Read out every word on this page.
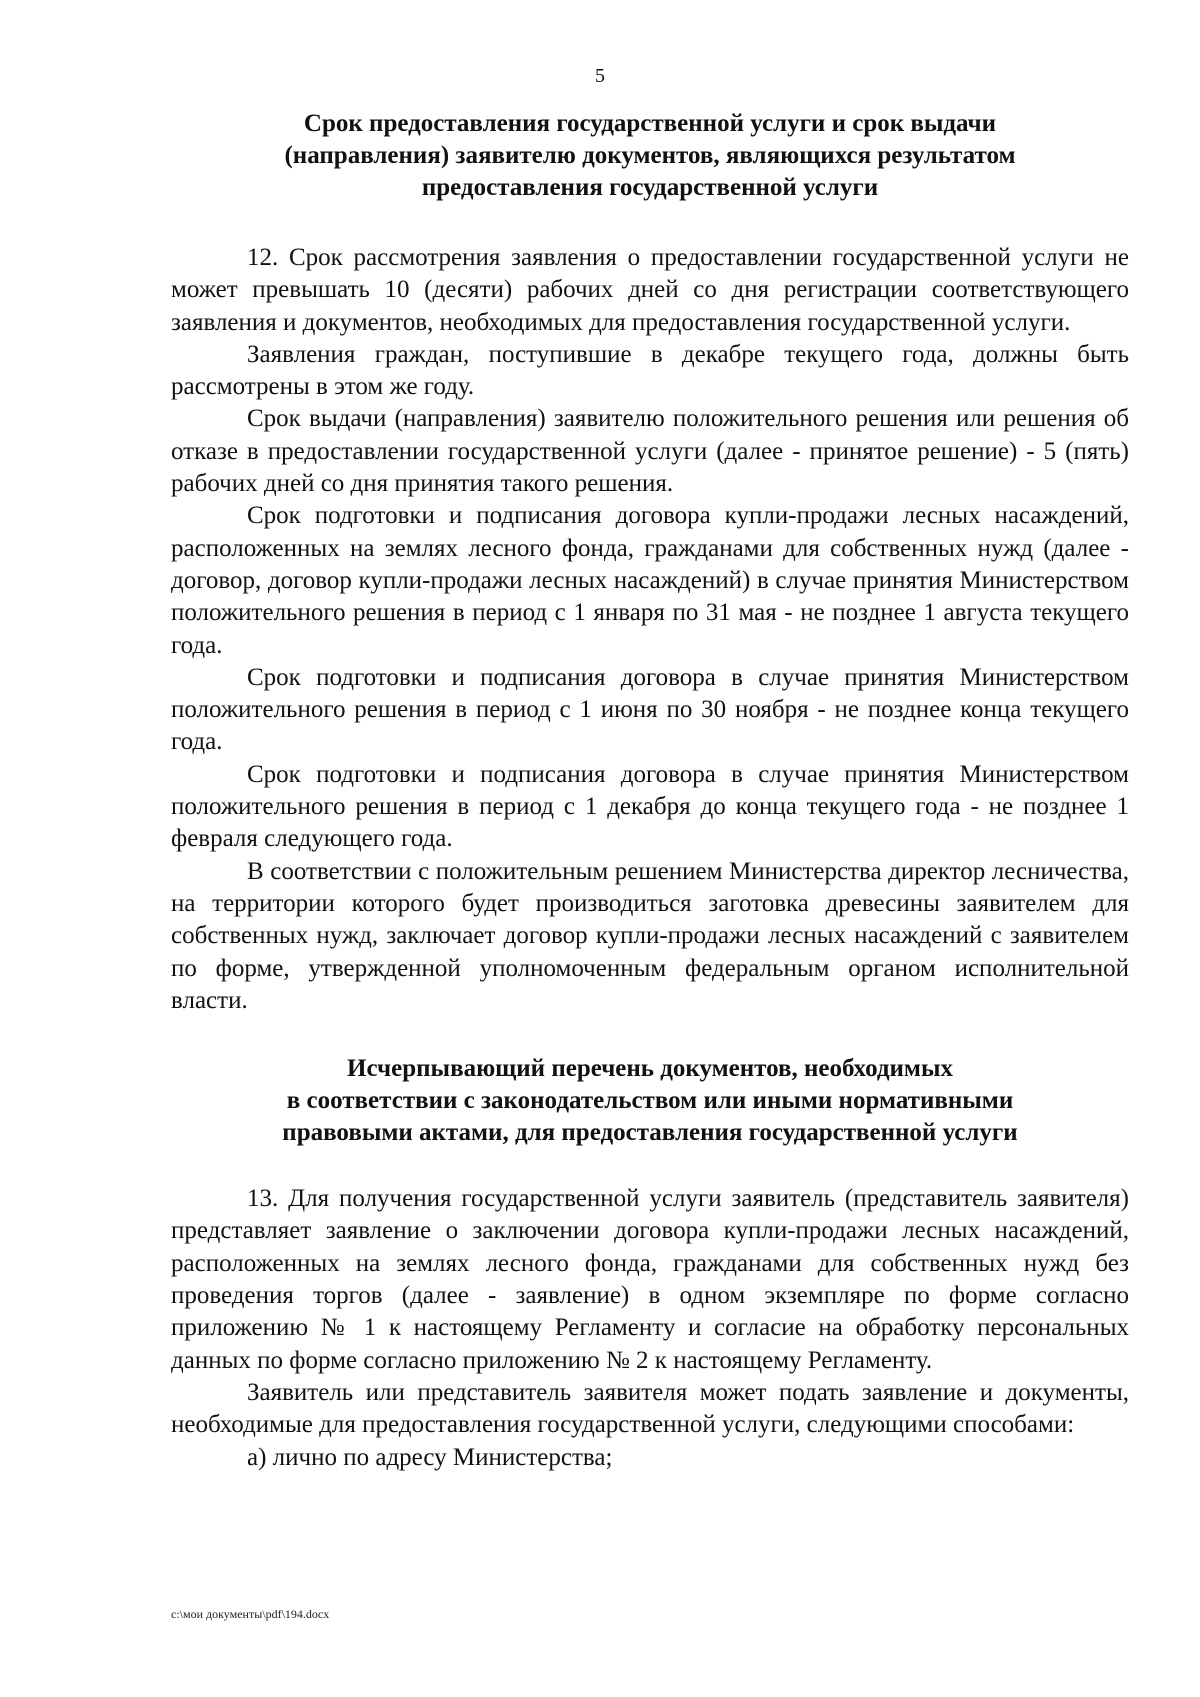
5
Срок предоставления государственной услуги и срок выдачи
(направления) заявителю документов, являющихся результатом
предоставления государственной услуги

12. Срок рассмотрения заявления о предоставлении государственной услуги не может превышать 10 (десяти) рабочих дней со дня регистрации соответствующего заявления и документов, необходимых для предоставления государственной услуги.

Заявления граждан, поступившие в декабре текущего года, должны быть рассмотрены в этом же году.

Срок выдачи (направления) заявителю положительного решения или решения об отказе в предоставлении государственной услуги (далее - принятое решение) - 5 (пять) рабочих дней со дня принятия такого решения.

Срок подготовки и подписания договора купли-продажи лесных насаждений, расположенных на землях лесного фонда, гражданами для собственных нужд (далее - договор, договор купли-продажи лесных насаждений) в случае принятия Министерством положительного решения в период с 1 января по 31 мая - не позднее 1 августа текущего года.

Срок подготовки и подписания договора в случае принятия Министерством положительного решения в период с 1 июня по 30 ноября - не позднее конца текущего года.

Срок подготовки и подписания договора в случае принятия Министерством положительного решения в период с 1 декабря до конца текущего года - не позднее 1 февраля следующего года.

В соответствии с положительным решением Министерства директор лесничества, на территории которого будет производиться заготовка древесины заявителем для собственных нужд, заключает договор купли-продажи лесных насаждений с заявителем по форме, утвержденной уполномоченным федеральным органом исполнительной власти.

Исчерпывающий перечень документов, необходимых
в соответствии с законодательством или иными нормативными
правовыми актами, для предоставления государственной услуги

13. Для получения государственной услуги заявитель (представитель заявителя) представляет заявление о заключении договора купли-продажи лесных насаждений, расположенных на землях лесного фонда, гражданами для собственных нужд без проведения торгов (далее - заявление) в одном экземпляре по форме согласно приложению № 1 к настоящему Регламенту и согласие на обработку персональных данных по форме согласно приложению № 2 к настоящему Регламенту.

Заявитель или представитель заявителя может подать заявление и документы, необходимые для предоставления государственной услуги, следующими способами:

а) лично по адресу Министерства;

c:\мои документы\pdf\194.docx
